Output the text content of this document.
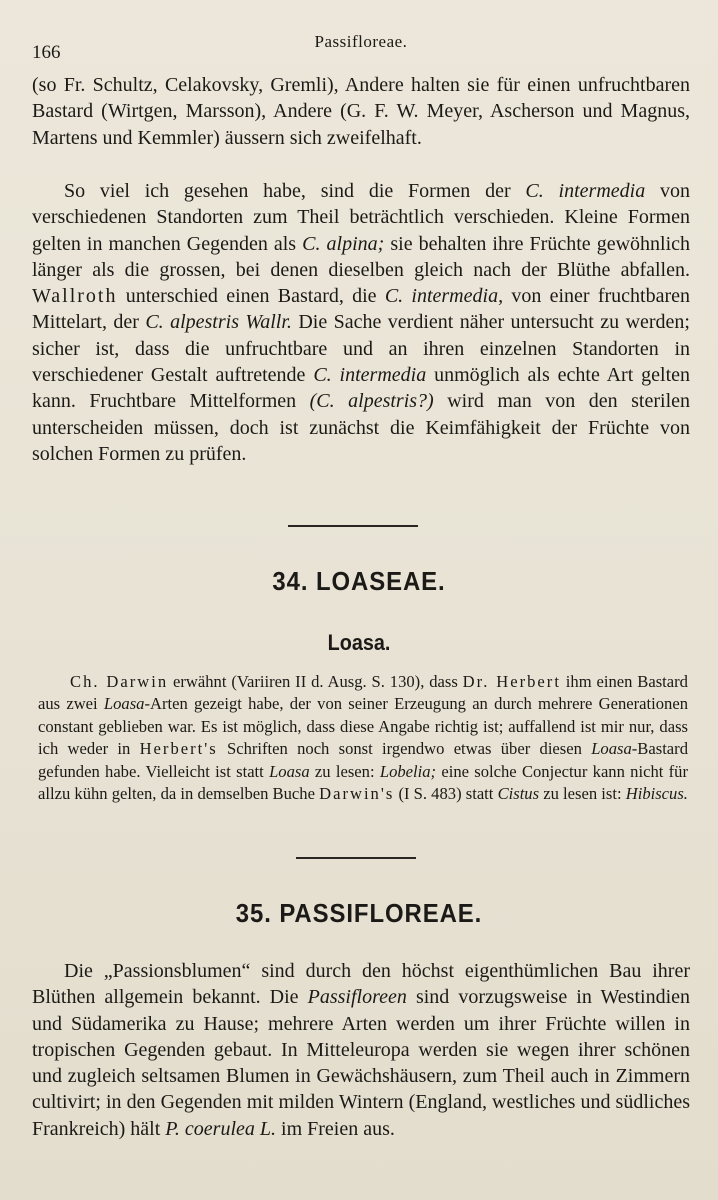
166
Passifloreae.

(so Fr. Schultz, Celakovsky, Gremli), Andere halten sie für einen unfruchtbaren Bastard (Wirtgen, Marsson), Andere (G. F. W. Meyer, Ascherson und Magnus, Martens und Kemmler) äussern sich zweifelhaft.

So viel ich gesehen habe, sind die Formen der C. intermedia von verschiedenen Standorten zum Theil beträchtlich verschieden. Kleine Formen gelten in manchen Gegenden als C. alpina; sie behalten ihre Früchte gewöhnlich länger als die grossen, bei denen dieselben gleich nach der Blüthe abfallen. Wallroth unterschied einen Bastard, die C. intermedia, von einer fruchtbaren Mittelart, der C. alpestris Wallr. Die Sache verdient näher untersucht zu werden; sicher ist, dass die unfruchtbare und an ihren einzelnen Standorten in verschiedener Gestalt auftretende C. intermedia unmöglich als echte Art gelten kann. Fruchtbare Mittelformen (C. alpestris?) wird man von den sterilen unterscheiden müssen, doch ist zunächst die Keimfähigkeit der Früchte von solchen Formen zu prüfen.

34. LOASEAE.
Loasa.

Ch. Darwin erwähnt (Variiren II d. Ausg. S. 130), dass Dr. Herbert ihm einen Bastard aus zwei Loasa-Arten gezeigt habe, der von seiner Erzeugung an durch mehrere Generationen constant geblieben war. Es ist möglich, dass diese Angabe richtig ist; auffallend ist mir nur, dass ich weder in Herbert's Schriften noch sonst irgendwo etwas über diesen Loasa-Bastard gefunden habe. Vielleicht ist statt Loasa zu lesen: Lobelia; eine solche Conjectur kann nicht für allzu kühn gelten, da in demselben Buche Darwin's (I S. 483) statt Cistus zu lesen ist: Hibiscus.

35. PASSIFLOREAE.

Die „Passionsblumen“ sind durch den höchst eigenthümlichen Bau ihrer Blüthen allgemein bekannt. Die Passifloreen sind vorzugsweise in Westindien und Südamerika zu Hause; mehrere Arten werden um ihrer Früchte willen in tropischen Gegenden gebaut. In Mitteleuropa werden sie wegen ihrer schönen und zugleich seltsamen Blumen in Gewächshäusern, zum Theil auch in Zimmern cultivirt; in den Gegenden mit milden Wintern (England, westliches und südliches Frankreich) hält P. coerulea L. im Freien aus.
